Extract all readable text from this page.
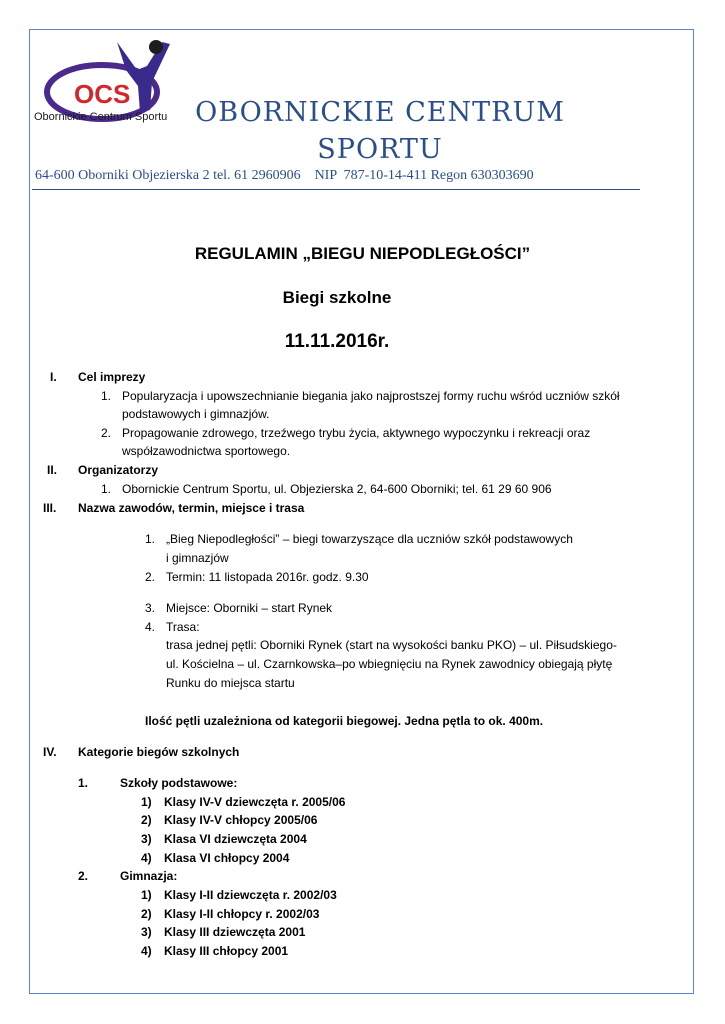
OCS
Obornickie Centrum Sportu OBORNICKIE CENTRUM
SPORTU
64-600 Oborniki Objezierska 2 tel. 61 2960906    NIP  787-10-14-411 Regon 630303690
REGULAMIN „BIEGU NIEPODLEGŁOŚCI”
Biegi szkolne
11.11.2016r.
I. Cel imprezy
1. Popularyzacja i upowszechnianie biegania jako najprostszej formy ruchu wśród uczniów szkół
podstawowych i gimnazjów.
2. Propagowanie zdrowego, trzeźwego trybu życia, aktywnego wypoczynku i rekreacji oraz
współzawodnictwa sportowego.
II. Organizatorzy
1. Obornickie Centrum Sportu, ul. Objezierska 2, 64-600 Oborniki; tel. 61 29 60 906
III. Nazwa zawodów, termin, miejsce i trasa
1. „Bieg Niepodległości” – biegi towarzyszące dla uczniów szkół podstawowych
i gimnazjów
2. Termin: 11 listopada 2016r. godz. 9.30
3. Miejsce: Oborniki – start Rynek
4. Trasa:
trasa jednej pętli: Oborniki Rynek (start na wysokości banku PKO) – ul. Piłsudskiego-
ul. Kościelna – ul. Czarnkowska–po wbiegnięciu na Rynek zawodnicy obiegają płytę
Runku do miejsca startu
Ilość pętli uzależniona od kategorii biegowej. Jedna pętla to ok. 400m.
IV. Kategorie biegów szkolnych
1.	Szkoły podstawowe:
1) Klasy IV-V dziewczęta r. 2005/06
2) Klasy IV-V chłopcy 2005/06
3) Klasa VI dziewczęta 2004
4) Klasa VI chłopcy 2004
2.	Gimnazja:
1) Klasy I-II dziewczęta r. 2002/03
2) Klasy I-II chłopcy r. 2002/03
3) Klasy III dziewczęta 2001
4) Klasy III chłopcy 2001
